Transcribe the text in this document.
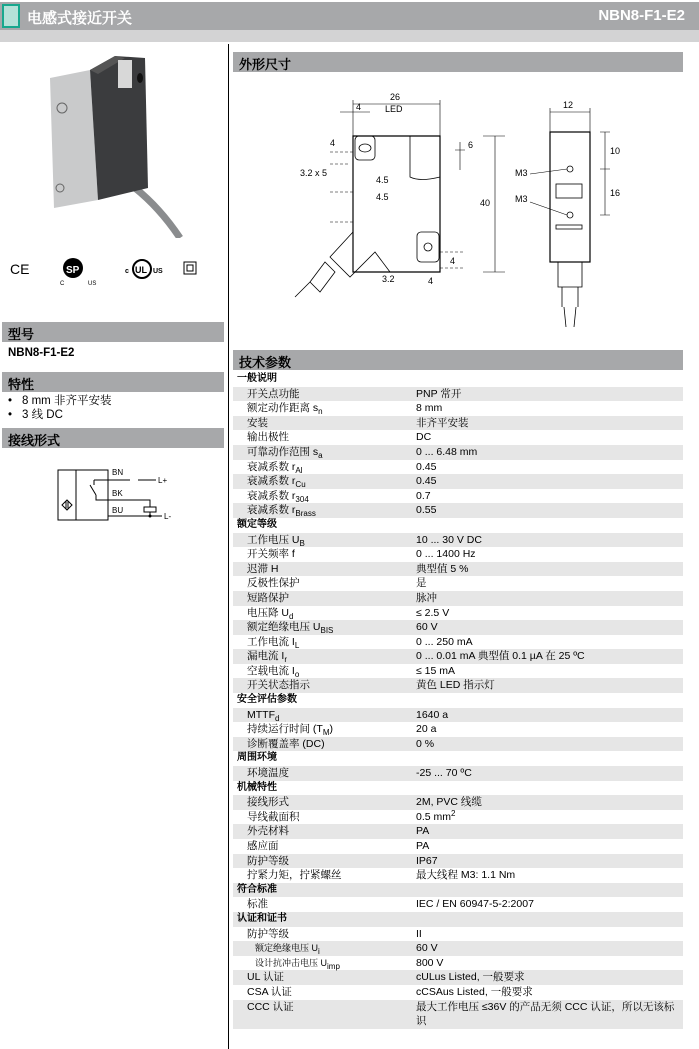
电感式接近开关	NBN8-F1-E2
CE	SP
C	US
c UL US
型号
NBN8-F1-E2
特性
• 8 mm 非齐平安装
• 3 线 DC
接线形式
BN
BK
BU
L+
L-
外形尺寸
26
4	LED
4
3.2 x 5
4.5
4.5
6
40
4
3.2	4
12
10
16
M3
M3
技术参数
一般说明
开关点功能	PNP 常开
额定动作距离 $s_n$	8 mm
安装	非齐平安装
输出极性	DC
可靠动作范围 $s_a$	0 ... 6.48 mm
衰减系数 $r_{Al}$	0.45
衰减系数 $r_{Cu}$	0.45
衰减系数 $r_{304}$	0.7
衰减系数 $r_{Brass}$	0.55
额定等级
工作电压 $U_B$	10 ... 30 V DC
开关频率 f	0 ... 1400 Hz
迟滞 H	典型值 5 %
反极性保护	是
短路保护	脉冲
电压降 $U_d$	≤ 2.5 V
额定绝缘电压 $U_{BIS}$	60 V
工作电流 $I_L$	0 ... 250 mA
漏电流 $I_r$	0 ... 0.01 mA 典型值 0.1 µA 在 25 ºC
空载电流 $I_o$	≤ 15 mA
开关状态指示	黄色 LED 指示灯
安全评估参数
$MTTF_d$	1640 a
持续运行时间 $(T_M)$	20 a
诊断覆盖率 (DC)	0 %
周围环境
环境温度	-25 ... 70 ºC
机械特性
接线形式	2M, PVC 线缆
导线截面积	0.5 $mm^2$
外壳材料	PA
感应面	PA
防护等级	IP67
拧紧力矩，拧紧螺丝	最大线程 M3: 1.1 Nm
符合标准
标准	IEC / EN 60947-5-2:2007
认证和证书
防护等级	II
额定绝缘电压 $U_i$	60 V
设计抗冲击电压 $U_{imp}$	800 V
UL 认证	cULus Listed, 一般要求
CSA 认证	cCSAus Listed, 一般要求
CCC 认证	最大工作电压 ≤36V 的产品无须 CCC 认证，所以无该标识
